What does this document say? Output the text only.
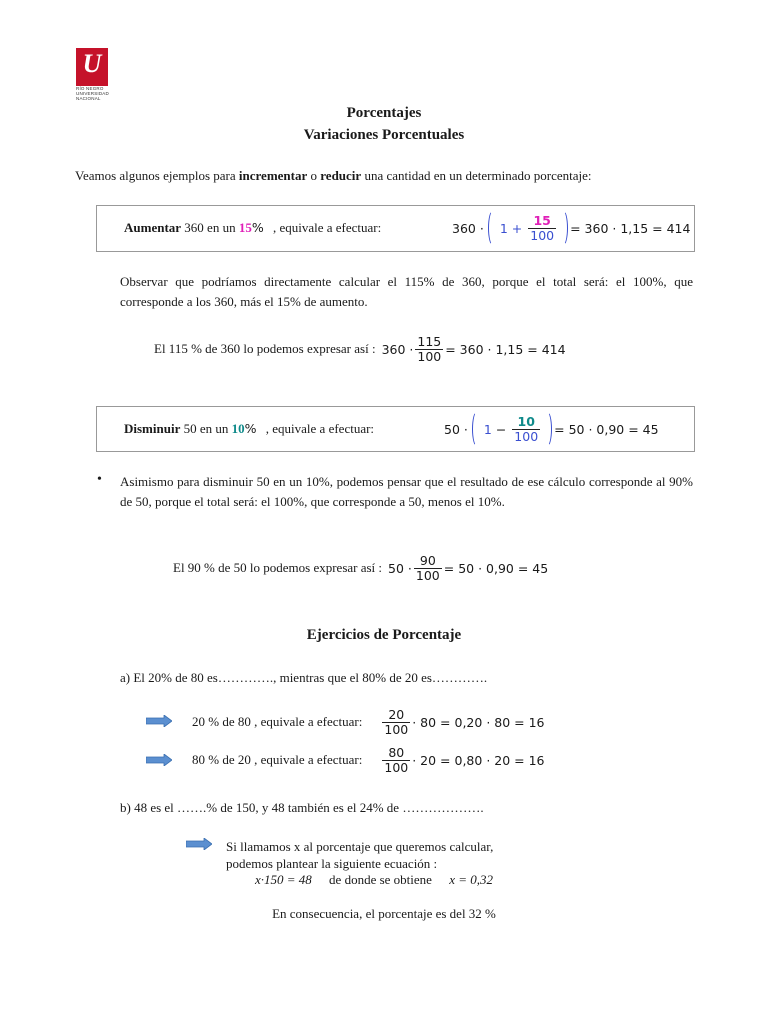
U
RÍO NEGRO
UNIVERSIDAD
NACIONAL
Porcentajes
Variaciones Porcentuales
Veamos algunos ejemplos para incrementar o reducir una cantidad en un determinado porcentaje:
Aumentar 360 en un 15% , equivale a efectuar:	$360 \cdot 1 + \frac{15}{100} = 360 \cdot 1,15 = 414$
Observar que podríamos directamente calcular el 115% de 360, porque el total será: el 100%, que corresponde a los 360, más el 15% de aumento.
El 115 % de 360 lo podemos expresar así : $360 \cdot \frac{115}{100} = 360 \cdot 1,15 = 414$
Disminuir 50 en un 10% , equivale a efectuar:	$50 \cdot 1 - \frac{10}{100} = 50 \cdot 0,90 = 45$
• Asimismo para disminuir 50 en un 10%, podemos pensar que el resultado de ese cálculo corresponde al 90% de 50, porque el total será: el 100%, que corresponde a 50, menos el 10%.
El 90 % de 50 lo podemos expresar así : $50 \cdot \frac{90}{100} = 50 \cdot 0,90 = 45$
Ejercicios de Porcentaje
a) El 20% de 80 es…………., mientras que el 80% de 20 es………….
20 % de 80 , equivale a efectuar: $\frac{20}{100} \cdot 80 = 0,20 \cdot 80 = 16$
80 % de 20 , equivale a efectuar: $\frac{80}{100} \cdot 20 = 0,80 \cdot 20 = 16$
b) 48 es el …….% de 150, y 48 también es el 24% de ……………….
Si llamamos x al porcentaje que queremos calcular,
podemos plantear la siguiente ecuación :
x·150 = 48 de donde se obtiene x = 0,32
En consecuencia, el porcentaje es del 32 %
